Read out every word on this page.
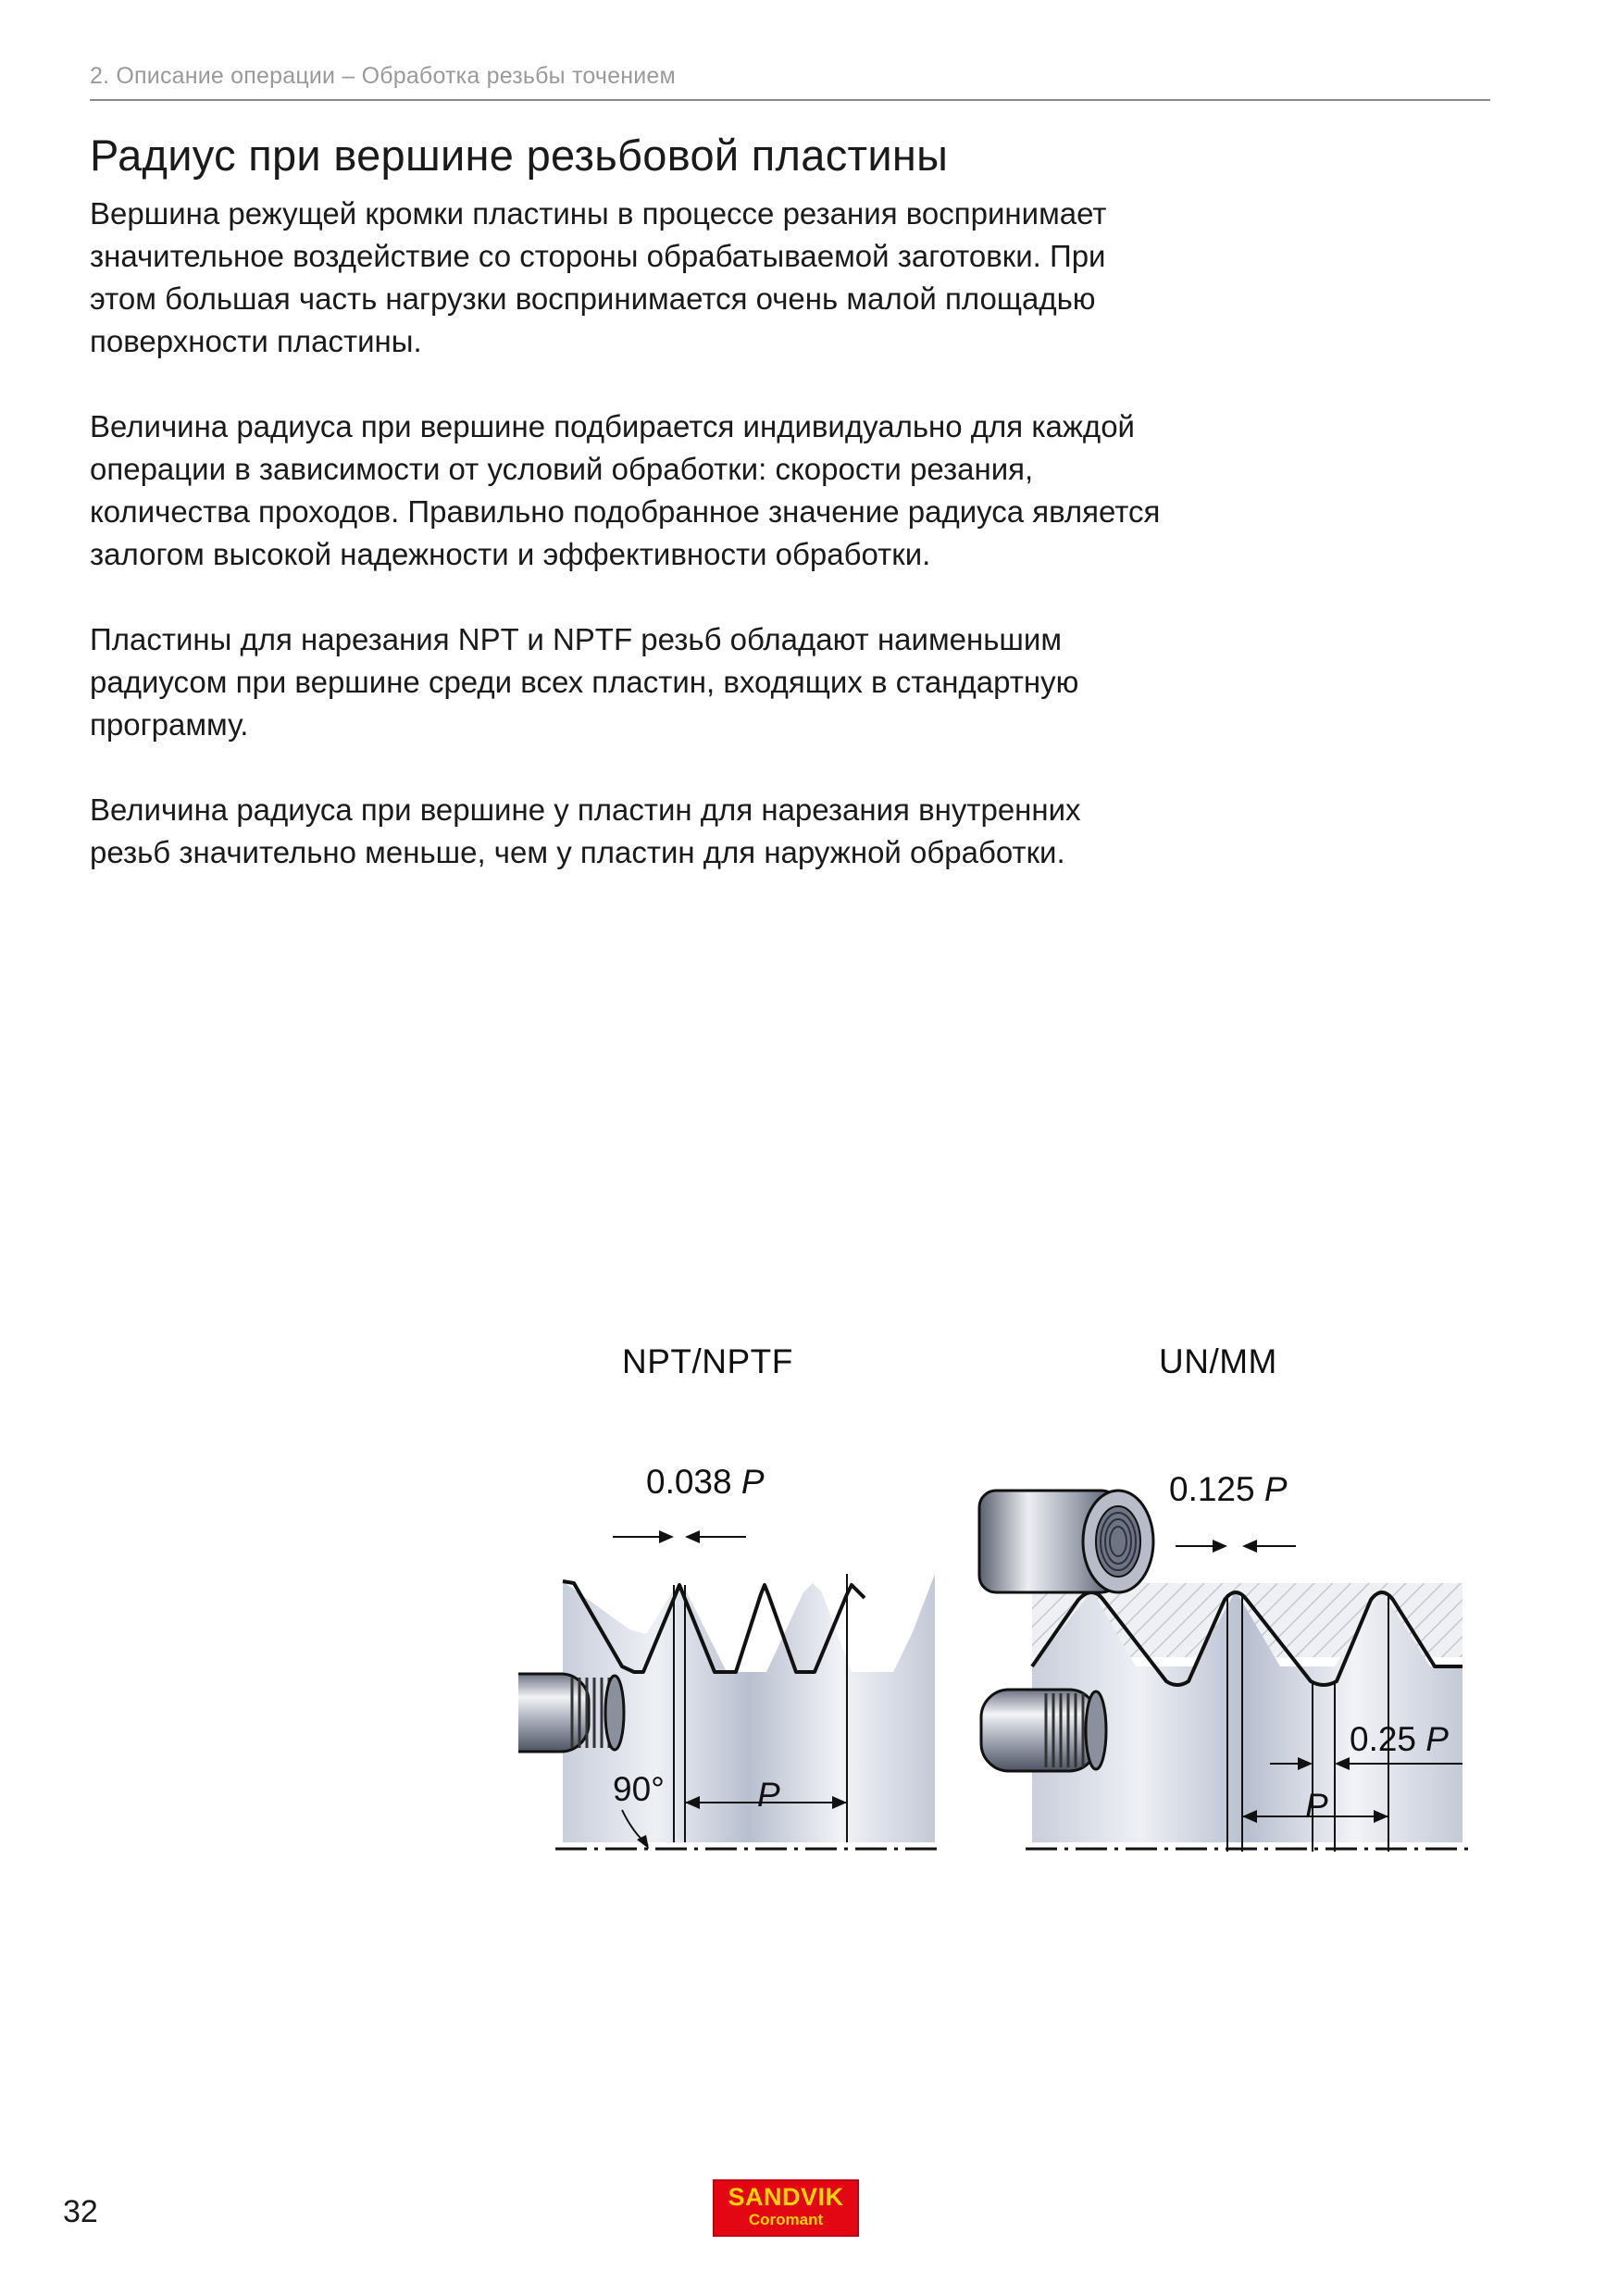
2. Описание операции – Обработка резьбы точением
Радиус при вершине резьбовой пластины

Вершина режущей кромки пластины в процессе резания воспринимает значительное воздействие со стороны обрабатываемой заготовки. При этом большая часть нагрузки воспринимается очень малой площадью поверхности пластины.

Величина радиуса при вершине подбирается индивидуально для каждой операции в зависимости от условий обработки: скорости резания, количества проходов. Правильно подобранное значение радиуса является залогом высокой надежности и эффективности обработки.

Пластины для нарезания NPT и NPTF резьб обладают наименьшим радиусом при вершине среди всех пластин, входящих в стандартную программу.

Величина радиуса при вершине у пластин для нарезания внутренних резьб значительно меньше, чем у пластин для наружной обработки.

NPT/NPTF	UN/MM
0.038 P
P
90°
0.125 P
0.25 P
P
32	SANDVIK
Coromant
